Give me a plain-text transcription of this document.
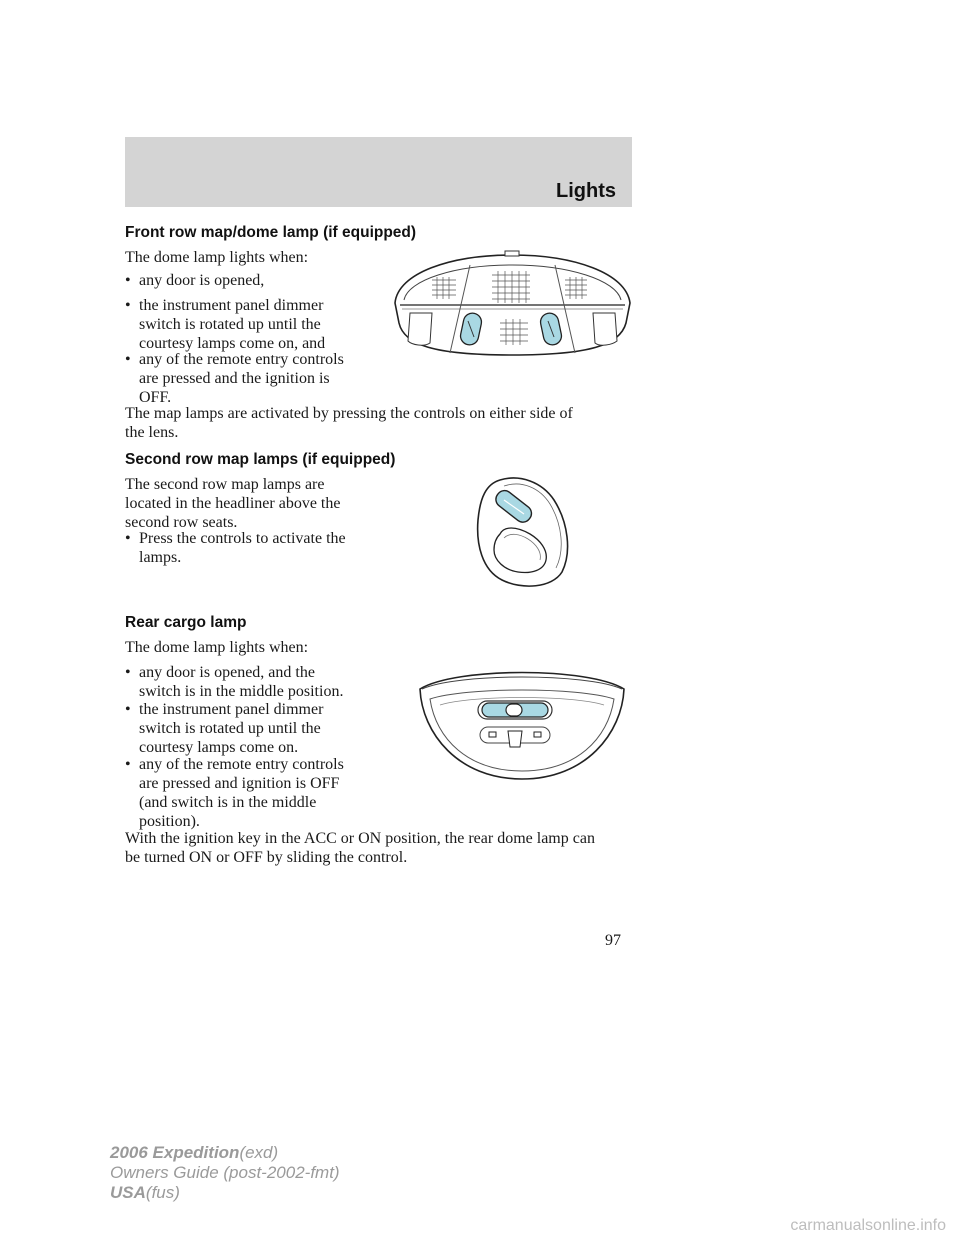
Lights
Front row map/dome lamp (if equipped)
The dome lamp lights when:
• any door is opened,
• the instrument panel dimmer
switch is rotated up until the
courtesy lamps come on, and
• any of the remote entry controls
are pressed and the ignition is
OFF.
The map lamps are activated by pressing the controls on either side of
the lens.
Second row map lamps (if equipped)
The second row map lamps are
located in the headliner above the
second row seats.
• Press the controls to activate the
lamps.
Rear cargo lamp
The dome lamp lights when:
• any door is opened, and the
switch is in the middle position.
• the instrument panel dimmer
switch is rotated up until the
courtesy lamps come on.
• any of the remote entry controls
are pressed and ignition is OFF
(and switch is in the middle
position).
With the ignition key in the ACC or ON position, the rear dome lamp can
be turned ON or OFF by sliding the control.
97
2006 Expedition(exd)
Owners Guide (post-2002-fmt)
USA(fus)
carmanualsonline.info
